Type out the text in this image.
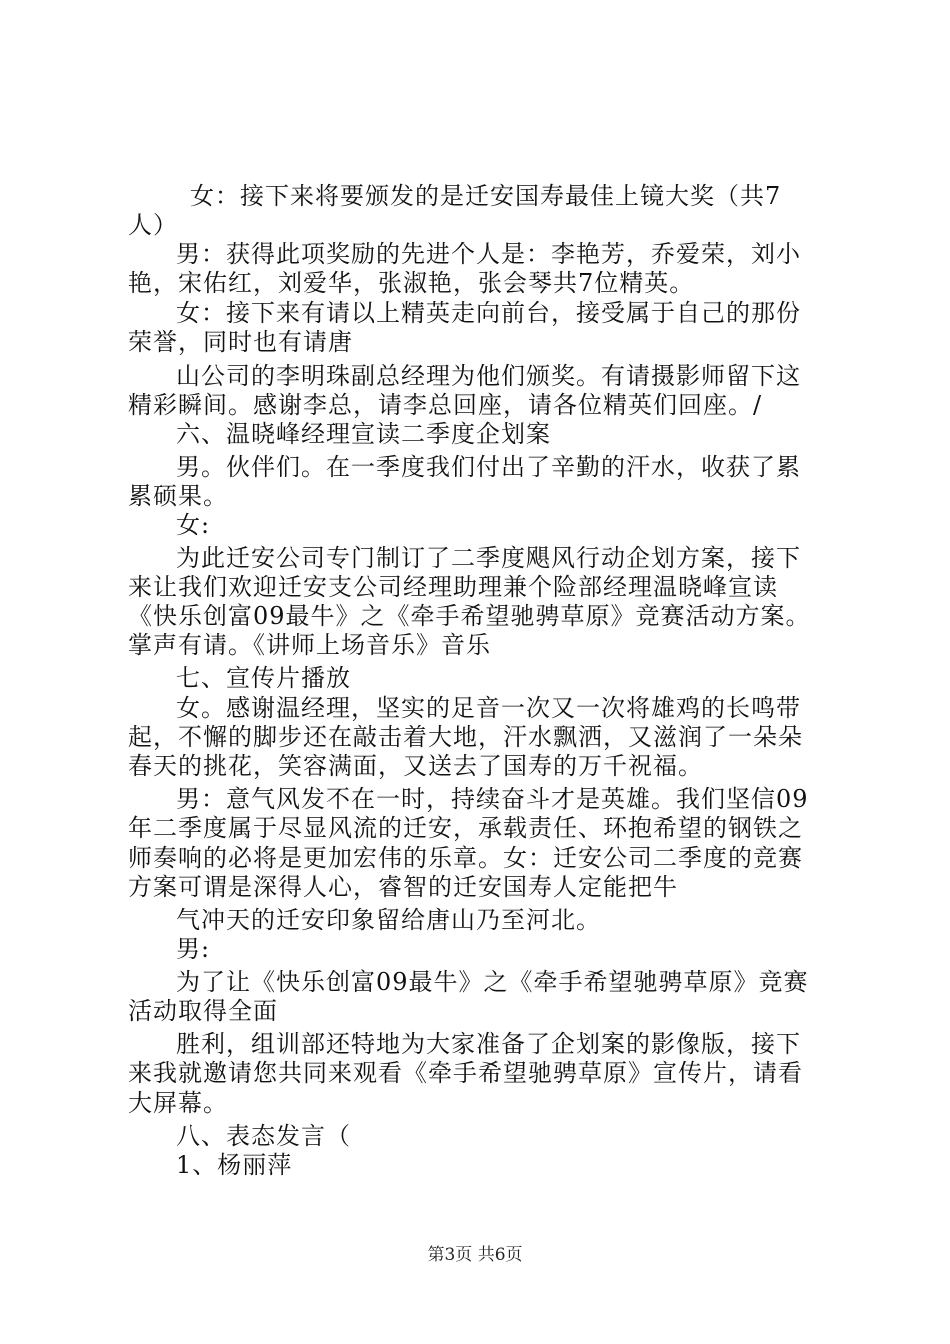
女：接下来将要颁发的是迁安国寿最佳上镜大奖（共7
人）
男：获得此项奖励的先进个人是：李艳芳，乔爱荣，刘小
艳，宋佑红，刘爱华，张淑艳，张会琴共7位精英。
女：接下来有请以上精英走向前台，接受属于自己的那份
荣誉，同时也有请唐
山公司的李明珠副总经理为他们颁奖。有请摄影师留下这
精彩瞬间。感谢李总，请李总回座，请各位精英们回座。/
六、温晓峰经理宣读二季度企划案
男。伙伴们。在一季度我们付出了辛勤的汗水，收获了累
累硕果。
女:
为此迁安公司专门制订了二季度飓风行动企划方案，接下
来让我们欢迎迁安支公司经理助理兼个险部经理温晓峰宣读
《快乐创富09最牛》之《牵手希望驰骋草原》竞赛活动方案。
掌声有请。《讲师上场音乐》音乐
七、宣传片播放
女。感谢温经理，坚实的足音一次又一次将雄鸡的长鸣带
起，不懈的脚步还在敲击着大地，汗水飘洒，又滋润了一朵朵
春天的挑花，笑容满面，又送去了国寿的万千祝福。
男：意气风发不在一时，持续奋斗才是英雄。我们坚信09
年二季度属于尽显风流的迁安，承载责任、环抱希望的钢铁之
师奏响的必将是更加宏伟的乐章。女：迁安公司二季度的竞赛
方案可谓是深得人心，睿智的迁安国寿人定能把牛
气冲天的迁安印象留给唐山乃至河北。
男:
为了让《快乐创富09最牛》之《牵手希望驰骋草原》竞赛
活动取得全面
胜利，组训部还特地为大家准备了企划案的影像版，接下
来我就邀请您共同来观看《牵手希望驰骋草原》宣传片，请看
大屏幕。
八、表态发言（
1、杨丽萍
第3页 共6页
